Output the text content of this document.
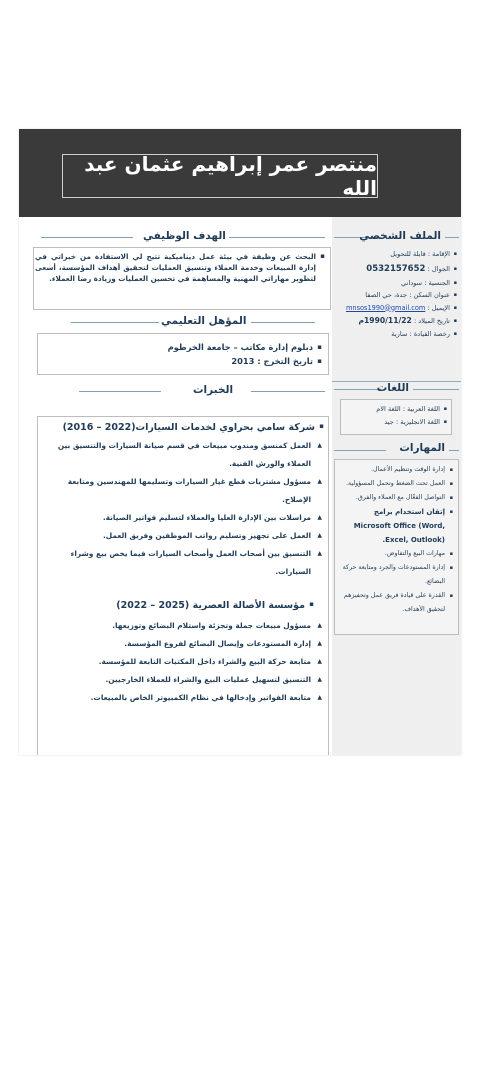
منتصر عمر إبراهيم عثمان عبد الله
الملف الشخصي
▪ الإقامة : قابلة للتحويل
▪ الجوال : 0532157652
▪ الجنسية : سوداني
▪ عنوان السكن : جدة، حي الصفا
▪ الإيميل : mnsos1990@gmail.com
▪ تاريخ الميلاد : 1990/11/22م
▪ رخصة القيادة : سارية
اللغات
▪ اللغة العربية : اللغة الام
▪ اللغة الانجليزية : جيد
المهارات
▪ إدارة الوقت وتنظيم الأعمال.
▪ العمل تحت الضغط وتحمل المسؤولية.
▪ التواصل الفعّال مع العملاء والفرق.
▪ إتقان استخدام برامج Microsoft Office (Word, Excel, Outlook).
▪ مهارات البيع والتفاوض.
▪ إدارة المستودعات والجرد ومتابعة حركة البضائع.
▪ القدرة على قيادة فريق عمل وتحفيزهم لتحقيق الأهداف.
الهدف الوظيفي
▪ البحث عن وظيفة في بيئة عمل ديناميكية تتيح لي الاستفادة من خبراتي في إدارة المبيعات وخدمة العملاء وتنسيق العمليات لتحقيق أهداف المؤسسة، أسعى لتطوير مهاراتي المهنية والمساهمة في تحسين العمليات وزيادة رضا العملاء.
المؤهل التعليمي
▪ دبلوم إدارة مكاتب – جامعة الخرطوم
▪ تاريخ التخرج : 2013
الخبرات
▪ شركة سامي بحراوي لخدمات السيارات(2022 – 2016)
▲ العمل كمنسق ومندوب مبيعات في قسم صيانة السيارات والتنسيق بين العملاء والورش الفنية.
▲ مسؤول مشتريات قطع غيار السيارات وتسليمها للمهندسين ومتابعة الإصلاح.
▲ مراسلات بين الإدارة العليا والعملاء لتسليم فواتير الصيانة.
▲ العمل على تجهيز وتسليم رواتب الموظفين وفريق العمل.
▲ التنسيق بين أصحاب العمل وأصحاب السيارات فيما يخص بيع وشراء السيارات.
▪ مؤسسة الأصالة العصرية (2025 – 2022)
▲ مسؤول مبيعات جملة وتجزئة واستلام البضائع وتوزيعها.
▲ إدارة المستودعات وإيصال البضائع لفروع المؤسسة.
▲ متابعة حركة البيع والشراء داخل المكتبات التابعة للمؤسسة.
▲ التنسيق لتسهيل عمليات البيع والشراء للعملاء الخارجيين.
▲ متابعة الفواتير وإدخالها في نظام الكمبيوتر الخاص بالمبيعات.
